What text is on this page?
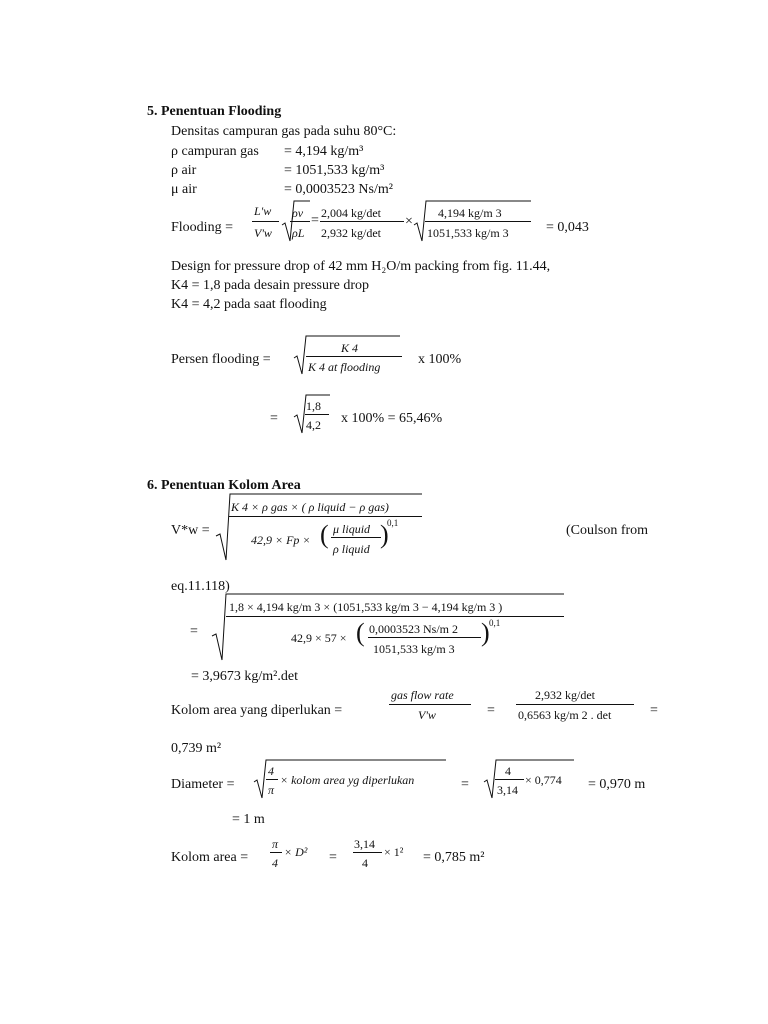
5. Penentuan Flooding
Densitas campuran gas pada suhu 80°C:
ρ campuran gas = 4,194 kg/m³
ρ air	= 1051,533 kg/m³
μ air	= 0,0003523 Ns/m²
Flooding =
L'w
V'w
ρv
ρL
= 2,004 kg/det
2,932 kg/det
×
4,194 kg/m 3
1051,533 kg/m 3	= 0,043
Design for pressure drop of 42 mm H₂O/m packing from fig. 11.44,
K4 = 1,8 pada desain pressure drop
K4 = 4,2 pada saat flooding
Persen flooding =
K 4
K 4 at flooding	x 100%
=
1,8
4,2 x 100% = 65,46%
6. Penentuan Kolom Area
V*w =
K 4 × ρ gas × ( ρ liquid − ρ gas)
42,9 × Fp × ( μ liquid
ρ liquid )
0,1	(Coulson from
eq.11.118)
=
1,8 × 4,194 kg/m 3 × (1051,533 kg/m 3 − 4,194 kg/m 3 )
42,9 × 57 × ( 0,0003523 Ns/m 2
1051,533 kg/m 3
) 0,1
= 3,9673 kg/m².det
Kolom area yang diperlukan =
gas flow rate
V'w	=
2,932 kg/det
0,6563 kg/m 2 . det	=
0,739 m²
Diameter =
4
π
× kolom area yg diperlukan	=
4
3,14
× 0,774 = 0,970 m
= 1 m
Kolom area =
π
4
× D² =
3,14
4
× 1² = 0,785 m²
